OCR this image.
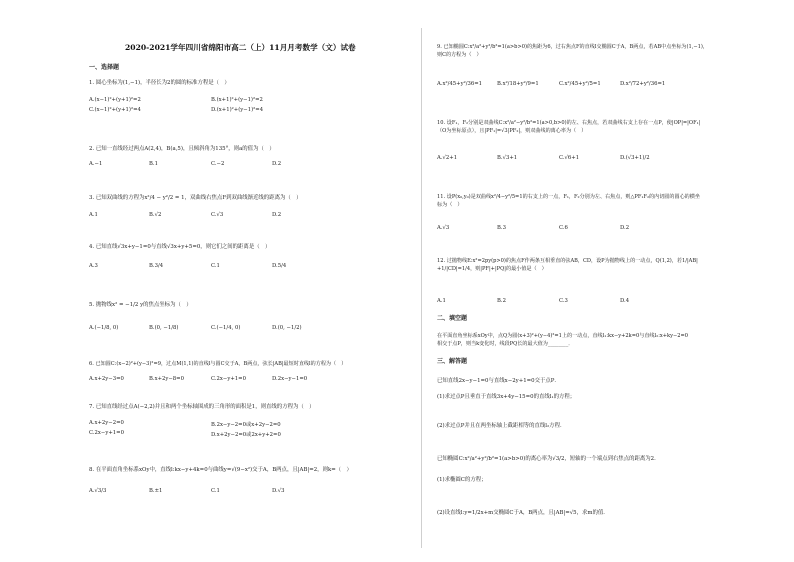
2020-2021学年四川省绵阳市高二（上）11月月考数学（文）试卷
一、选择题
1. 圆心坐标为(1,−1)，半径长为2的圆的标准方程是（　）
A.(x−1)²+(y+1)²=2	B.(x+1)²+(y−1)²=2
C.(x−1)²+(y+1)²=4	D.(x+1)²+(y−1)²=4
2. 已知一直线经过两点A(2,4)，B(a,5)，且倾斜角为135°，则a的值为（　）
A.−1	B.1	C.−2	D.2
3. 已知双曲线的方程为x²/4 − y²/2 = 1，双曲线右焦点F到双曲线渐近线的距离为（　）
A.1	B.√2	C.√3	D.2
4. 已知直线√3x+y−1=0与直线√3x+y+5=0，则它们之间的距离是（　）
A.3	B.3/4	C.1	D.5/4
5. 抛物线x² = −1/2 y的焦点坐标为（　）
A.(−1/8, 0)	B.(0, −1/8)	C.(−1/4, 0)	D.(0, −1/2)
6. 已知圆C:(x−2)²+(y−3)²=9，过点M(1,1)的直线l与圆C交于A，B两点，弦长|AB|最短时直线l的方程为（　）
A.x+2y−3=0	B.x+2y−8=0	C.2x−y+1=0	D.2x−y−1=0
7. 已知直线经过点A(−2,2)并且和两个坐标轴围成的三角形的面积是1，则直线的方程为（　）
A.x+2y−2=0	B.2x−y−2=0或x+2y−2=0
C.2x−y+1=0	D.x+2y−2=0或2x+y+2=0
8. 在平面直角坐标系xOy中，直线l:kx−y+4k=0与曲线y=√(9−x²)交于A，B两点，且|AB|=2，则k=（　）
A.√3/3	B.±1	C.1	D.√3
9. 已知椭圆C:x²/a²+y²/b²=1(a>b>0)的焦距为6，过右焦点F的直线l交椭圆C于A，B两点，若AB中点坐标为(1,−1)，
则C的方程为（　）
A.x²/45+y²/36=1	B.x²/18+y²/9=1	C.x²/45+y²/5=1	D.x²/72+y²/36=1
10. 设F₁，F₂分别是双曲线C:x²/a²−y²/b²=1(a>0,b>0)的左、右焦点，若双曲线右支上存在一点P，使|OP|=|OF₁|
（O为坐标原点），且|PF₁|=√3|PF₂|，则双曲线的离心率为（　）
A.√2+1	B.√3+1	C.√6+1	D.(√3+1)/2
11. 设P(x₀,y₀)是双曲线x²/4−y²/5=1的右支上的一点，F₁，F₂分别为左、右焦点，则△PF₁F₂的内切圆的圆心的横坐
标为（　）
A.√3	B.3	C.6	D.2
12. 过抛物线E:x²=2py(p>0)的焦点F作两条互相垂直的弦AB，CD，设P为抛物线上的一动点，Q(1,2)，若1/|AB|
+1/|CD|=1/4，则|PF|+|PQ|的最小值是（　）
A.1	B.2	C.3	D.4
二、填空题
在平面直角坐标系xOy中，点Q为圆(x+3)²+(y−4)²=1上的一动点，直线l₁:kx−y+2k=0与直线l₂:x+ky−2=0
相交于点P，则当k变化时，线段PQ长的最大值为________．
三、解答题
已知直线2x−y−1=0与直线x−2y+1=0交于点P．
(1)求过点P且垂直于直线3x+4y−15=0的直线l₁的方程；
(2)求过点P并且在两坐标轴上截距相等的直线l₂方程．
已知椭圆C:x²/a²+y²/b²=1(a>b>0)的离心率为√3/2，短轴的一个端点到右焦点的距离为2．
(1)求椭圆C的方程；
(2)设直线l:y=1/2x+m交椭圆C于A，B两点，且|AB|=√5，求m的值．
